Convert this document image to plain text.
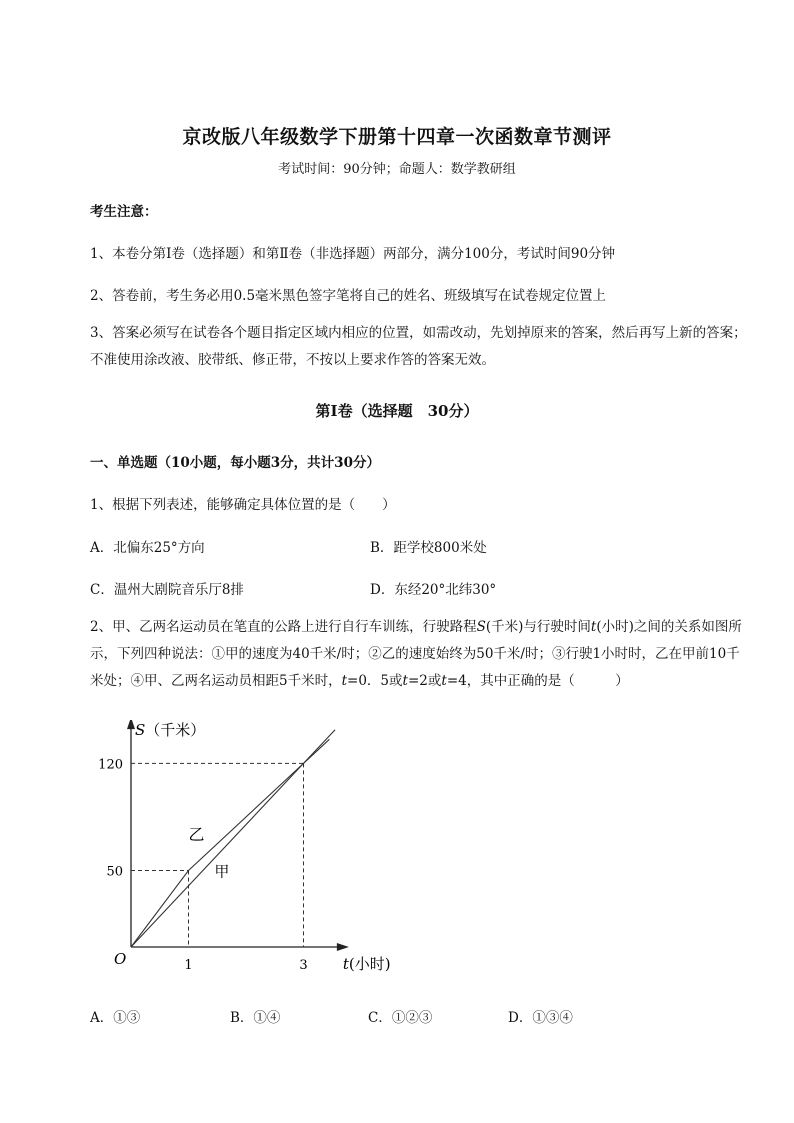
京改版八年级数学下册第十四章一次函数章节测评
考试时间：90分钟；命题人：数学教研组
考生注意：
1、本卷分第I卷（选择题）和第Ⅱ卷（非选择题）两部分，满分100分，考试时间90分钟
2、答卷前，考生务必用0.5毫米黑色签字笔将自己的姓名、班级填写在试卷规定位置上
3、答案必须写在试卷各个题目指定区域内相应的位置，如需改动，先划掉原来的答案，然后再写上新的答案；不准使用涂改液、胶带纸、修正带，不按以上要求作答的答案无效。
第I卷（选择题　30分）
一、单选题（10小题，每小题3分，共计30分）
1、根据下列表述，能够确定具体位置的是（　　）
A．北偏东25°方向	B．距学校800米处
C．温州大剧院音乐厅8排	D．东经20°北纬30°
2、甲、乙两名运动员在笔直的公路上进行自行车训练，行驶路程S(千米)与行驶时间t(小时)之间的关系如图所示，下列四种说法：①甲的速度为40千米/时；②乙的速度始终为50千米/时；③行驶1小时时，乙在甲前10千米处；④甲、乙两名运动员相距5千米时，t=0．5或t=2或t=4，其中正确的是（　　　）
1	3
50
120
O
S（千米）
t(小时)
乙
甲
A．①③	B．①④	C．①②③	D．①③④
